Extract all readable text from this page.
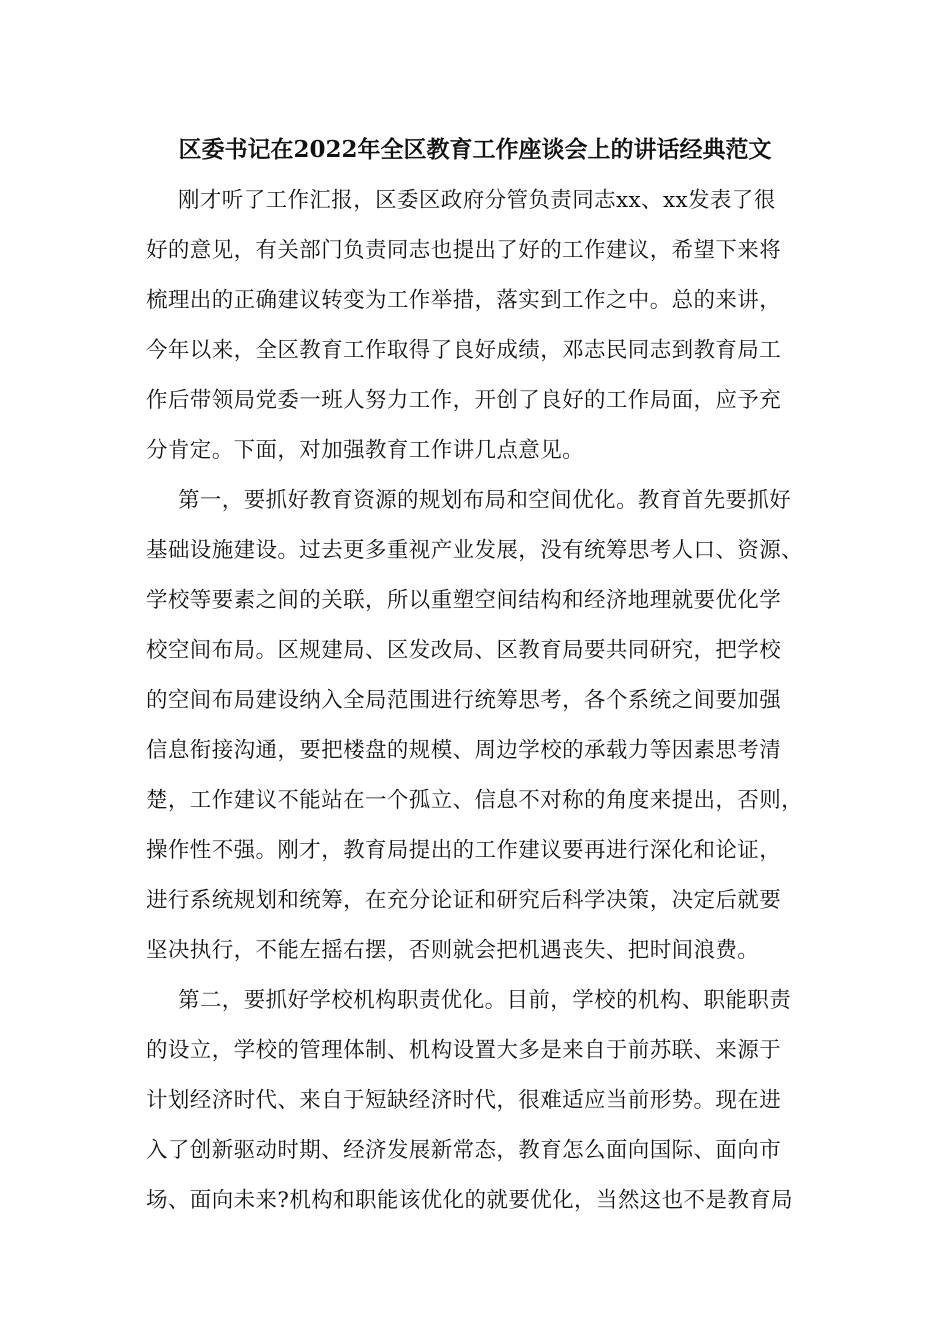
区委书记在2022年全区教育工作座谈会上的讲话经典范文
刚才听了工作汇报，区委区政府分管负责同志xx、xx发表了很
好的意见，有关部门负责同志也提出了好的工作建议，希望下来将
梳理出的正确建议转变为工作举措，落实到工作之中。总的来讲，
今年以来，全区教育工作取得了良好成绩，邓志民同志到教育局工
作后带领局党委一班人努力工作，开创了良好的工作局面，应予充
分肯定。下面，对加强教育工作讲几点意见。
第一，要抓好教育资源的规划布局和空间优化。教育首先要抓好
基础设施建设。过去更多重视产业发展，没有统筹思考人口、资源、
学校等要素之间的关联，所以重塑空间结构和经济地理就要优化学
校空间布局。区规建局、区发改局、区教育局要共同研究，把学校
的空间布局建设纳入全局范围进行统筹思考，各个系统之间要加强
信息衔接沟通，要把楼盘的规模、周边学校的承载力等因素思考清
楚，工作建议不能站在一个孤立、信息不对称的角度来提出，否则，
操作性不强。刚才，教育局提出的工作建议要再进行深化和论证，
进行系统规划和统筹，在充分论证和研究后科学决策，决定后就要
坚决执行，不能左摇右摆，否则就会把机遇丧失、把时间浪费。
第二，要抓好学校机构职责优化。目前，学校的机构、职能职责
的设立，学校的管理体制、机构设置大多是来自于前苏联、来源于
计划经济时代、来自于短缺经济时代，很难适应当前形势。现在进
入了创新驱动时期、经济发展新常态，教育怎么面向国际、面向市
场、面向未来?机构和职能该优化的就要优化，当然这也不是教育局
